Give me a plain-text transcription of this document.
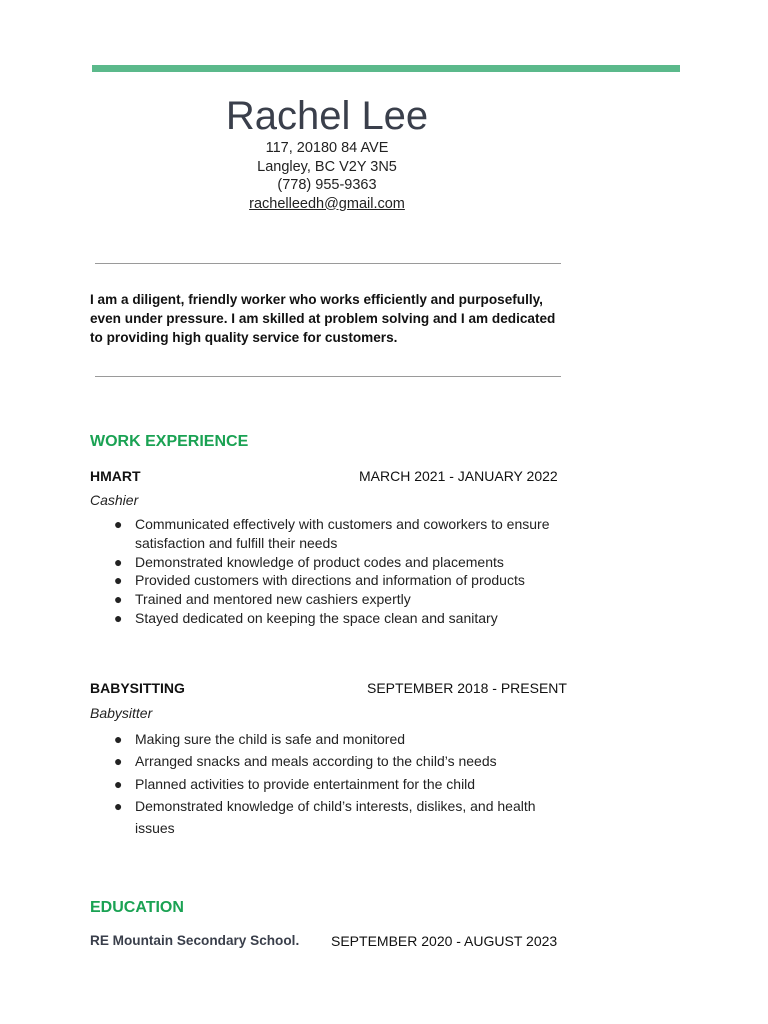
Rachel Lee
117, 20180 84 AVE
Langley, BC V2Y 3N5
(778) 955-9363
rachelleedh@gmail.com
I am a diligent, friendly worker who works efficiently and purposefully, even under pressure. I am skilled at problem solving and I am dedicated to providing high quality service for customers.
WORK EXPERIENCE
HMART	MARCH 2021 - JANUARY 2022
Cashier
● Communicated effectively with customers and coworkers to ensure satisfaction and fulfill their needs
● Demonstrated knowledge of product codes and placements
● Provided customers with directions and information of products
● Trained and mentored new cashiers expertly
● Stayed dedicated on keeping the space clean and sanitary
BABYSITTING	SEPTEMBER 2018 - PRESENT
Babysitter
● Making sure the child is safe and monitored
● Arranged snacks and meals according to the child’s needs
● Planned activities to provide entertainment for the child
● Demonstrated knowledge of child’s interests, dislikes, and health issues
EDUCATION
RE Mountain Secondary School. SEPTEMBER 2020 - AUGUST 2023
